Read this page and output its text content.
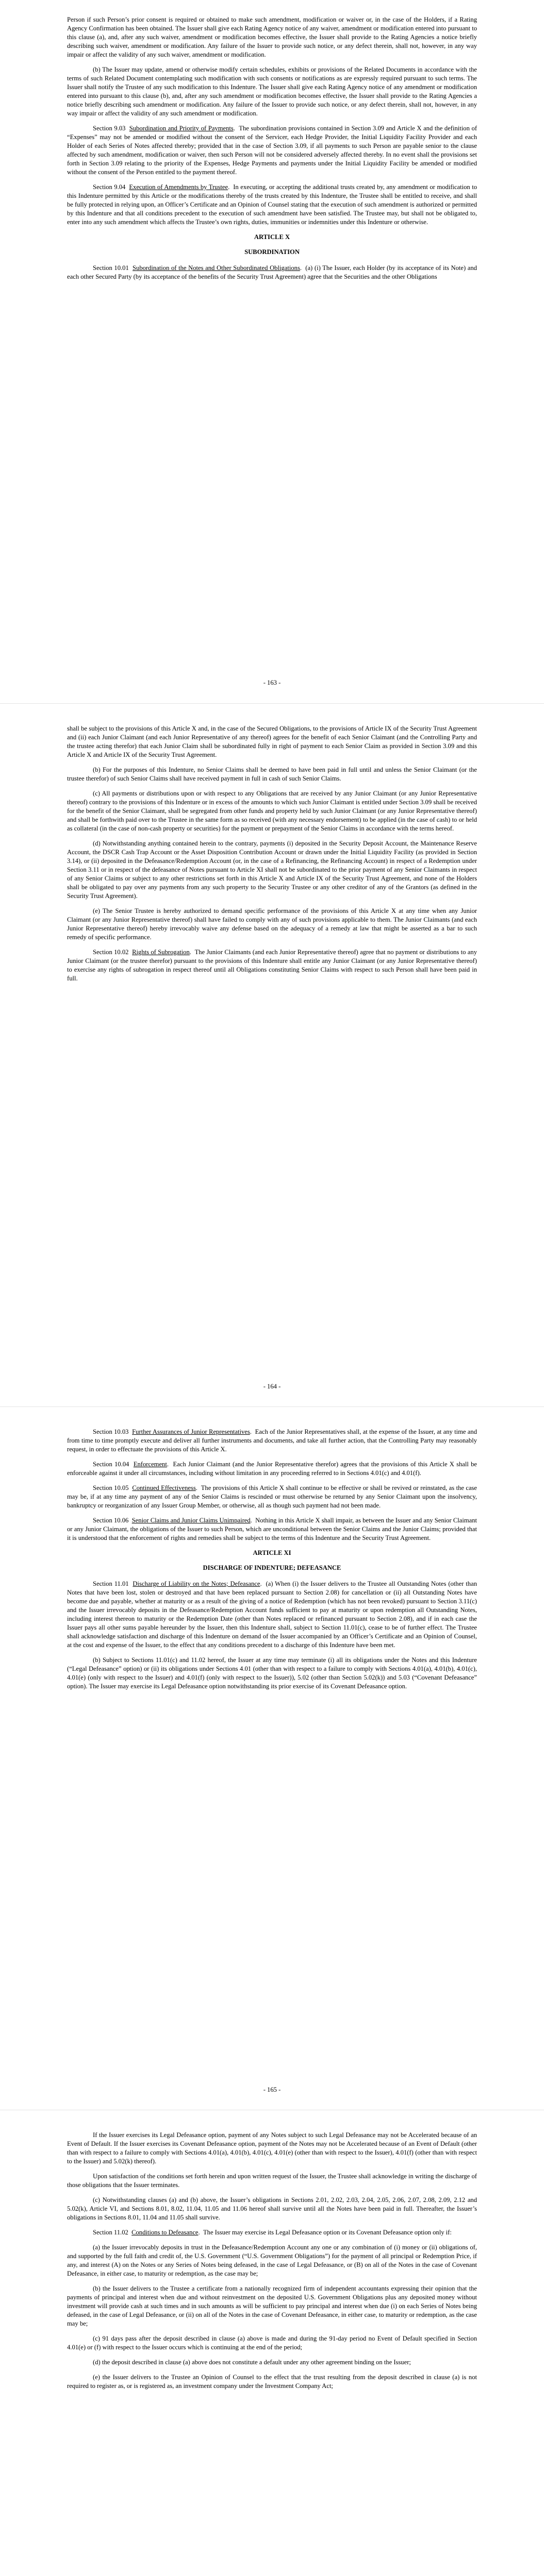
Person if such Person’s prior consent is required or obtained to make such amendment, modification or waiver or, in the case of the Holders, if a Rating Agency Confirmation has been obtained. The Issuer shall give each Rating Agency notice of any waiver, amendment or modification entered into pursuant to this clause (a), and, after any such waiver, amendment or modification becomes effective, the Issuer shall provide to the Rating Agencies a notice briefly describing such waiver, amendment or modification. Any failure of the Issuer to provide such notice, or any defect therein, shall not, however, in any way impair or affect the validity of any such waiver, amendment or modification.

(b) The Issuer may update, amend or otherwise modify certain schedules, exhibits or provisions of the Related Documents in accordance with the terms of such Related Document contemplating such modification with such consents or notifications as are expressly required pursuant to such terms. The Issuer shall notify the Trustee of any such modification to this Indenture. The Issuer shall give each Rating Agency notice of any amendment or modification entered into pursuant to this clause (b), and, after any such amendment or modification becomes effective, the Issuer shall provide to the Rating Agencies a notice briefly describing such amendment or modification. Any failure of the Issuer to provide such notice, or any defect therein, shall not, however, in any way impair or affect the validity of any such amendment or modification.

Section 9.03 Subordination and Priority of Payments.  The subordination provisions contained in Section 3.09 and Article X and the definition of “Expenses” may not be amended or modified without the consent of the Servicer, each Hedge Provider, the Initial Liquidity Facility Provider and each Holder of each Series of Notes affected thereby; provided that in the case of Section 3.09, if all payments to such Person are payable senior to the clause affected by such amendment, modification or waiver, then such Person will not be considered adversely affected thereby. In no event shall the provisions set forth in Section 3.09 relating to the priority of the Expenses, Hedge Payments and payments under the Initial Liquidity Facility be amended or modified without the consent of the Person entitled to the payment thereof.

Section 9.04 Execution of Amendments by Trustee.  In executing, or accepting the additional trusts created by, any amendment or modification to this Indenture permitted by this Article or the modifications thereby of the trusts created by this Indenture, the Trustee shall be entitled to receive, and shall be fully protected in relying upon, an Officer’s Certificate and an Opinion of Counsel stating that the execution of such amendment is authorized or permitted by this Indenture and that all conditions precedent to the execution of such amendment have been satisfied. The Trustee may, but shall not be obligated to, enter into any such amendment which affects the Trustee’s own rights, duties, immunities or indemnities under this Indenture or otherwise.

ARTICLE X

SUBORDINATION

Section 10.01 Subordination of the Notes and Other Subordinated Obligations.  (a) (i) The Issuer, each Holder (by its acceptance of its Note) and each other Secured Party (by its acceptance of the benefits of the Security Trust Agreement) agree that the Securities and the other Obligations

- 163 -

shall be subject to the provisions of this Article X and, in the case of the Secured Obligations, to the provisions of Article IX of the Security Trust Agreement and (ii) each Junior Claimant (and each Junior Representative of any thereof) agrees for the benefit of each Senior Claimant (and the Controlling Party and the trustee acting therefor) that each Junior Claim shall be subordinated fully in right of payment to each Senior Claim as provided in Section 3.09 and this Article X and Article IX of the Security Trust Agreement.

(b) For the purposes of this Indenture, no Senior Claims shall be deemed to have been paid in full until and unless the Senior Claimant (or the trustee therefor) of such Senior Claims shall have received payment in full in cash of such Senior Claims.

(c) All payments or distributions upon or with respect to any Obligations that are received by any Junior Claimant (or any Junior Representative thereof) contrary to the provisions of this Indenture or in excess of the amounts to which such Junior Claimant is entitled under Section 3.09 shall be received for the benefit of the Senior Claimant, shall be segregated from other funds and property held by such Junior Claimant (or any Junior Representative thereof) and shall be forthwith paid over to the Trustee in the same form as so received (with any necessary endorsement) to be applied (in the case of cash) to or held as collateral (in the case of non-cash property or securities) for the payment or prepayment of the Senior Claims in accordance with the terms hereof.

(d) Notwithstanding anything contained herein to the contrary, payments (i) deposited in the Security Deposit Account, the Maintenance Reserve Account, the DSCR Cash Trap Account or the Asset Disposition Contribution Account or drawn under the Initial Liquidity Facility (as provided in Section 3.14), or (ii) deposited in the Defeasance/Redemption Account (or, in the case of a Refinancing, the Refinancing Account) in respect of a Redemption under Section 3.11 or in respect of the defeasance of Notes pursuant to Article XI shall not be subordinated to the prior payment of any Senior Claimants in respect of any Senior Claims or subject to any other restrictions set forth in this Article X and Article IX of the Security Trust Agreement, and none of the Holders shall be obligated to pay over any payments from any such property to the Security Trustee or any other creditor of any of the Grantors (as defined in the Security Trust Agreement).

(e) The Senior Trustee is hereby authorized to demand specific performance of the provisions of this Article X at any time when any Junior Claimant (or any Junior Representative thereof) shall have failed to comply with any of such provisions applicable to them. The Junior Claimants (and each Junior Representative thereof) hereby irrevocably waive any defense based on the adequacy of a remedy at law that might be asserted as a bar to such remedy of specific performance.

Section 10.02 Rights of Subrogation.  The Junior Claimants (and each Junior Representative thereof) agree that no payment or distributions to any Junior Claimant (or the trustee therefor) pursuant to the provisions of this Indenture shall entitle any Junior Claimant (or any Junior Representative thereof) to exercise any rights of subrogation in respect thereof until all Obligations constituting Senior Claims with respect to such Person shall have been paid in full.

- 164 -

Section 10.03 Further Assurances of Junior Representatives.  Each of the Junior Representatives shall, at the expense of the Issuer, at any time and from time to time promptly execute and deliver all further instruments and documents, and take all further action, that the Controlling Party may reasonably request, in order to effectuate the provisions of this Article X.

Section 10.04 Enforcement.  Each Junior Claimant (and the Junior Representative therefor) agrees that the provisions of this Article X shall be enforceable against it under all circumstances, including without limitation in any proceeding referred to in Sections 4.01(c) and 4.01(f).

Section 10.05 Continued Effectiveness.  The provisions of this Article X shall continue to be effective or shall be revived or reinstated, as the case may be, if at any time any payment of any of the Senior Claims is rescinded or must otherwise be returned by any Senior Claimant upon the insolvency, bankruptcy or reorganization of any Issuer Group Member, or otherwise, all as though such payment had not been made.

Section 10.06 Senior Claims and Junior Claims Unimpaired.  Nothing in this Article X shall impair, as between the Issuer and any Senior Claimant or any Junior Claimant, the obligations of the Issuer to such Person, which are unconditional between the Senior Claims and the Junior Claims; provided that it is understood that the enforcement of rights and remedies shall be subject to the terms of this Indenture and the Security Trust Agreement.

ARTICLE XI

DISCHARGE OF INDENTURE; DEFEASANCE

Section 11.01 Discharge of Liability on the Notes; Defeasance.  (a) When (i) the Issuer delivers to the Trustee all Outstanding Notes (other than Notes that have been lost, stolen or destroyed and that have been replaced pursuant to Section 2.08) for cancellation or (ii) all Outstanding Notes have become due and payable, whether at maturity or as a result of the giving of a notice of Redemption (which has not been revoked) pursuant to Section 3.11(c) and the Issuer irrevocably deposits in the Defeasance/Redemption Account funds sufficient to pay at maturity or upon redemption all Outstanding Notes, including interest thereon to maturity or the Redemption Date (other than Notes replaced or refinanced pursuant to Section 2.08), and if in each case the Issuer pays all other sums payable hereunder by the Issuer, then this Indenture shall, subject to Section 11.01(c), cease to be of further effect. The Trustee shall acknowledge satisfaction and discharge of this Indenture on demand of the Issuer accompanied by an Officer’s Certificate and an Opinion of Counsel, at the cost and expense of the Issuer, to the effect that any conditions precedent to a discharge of this Indenture have been met.

(b) Subject to Sections 11.01(c) and 11.02 hereof, the Issuer at any time may terminate (i) all its obligations under the Notes and this Indenture (“Legal Defeasance” option) or (ii) its obligations under Sections 4.01 (other than with respect to a failure to comply with Sections 4.01(a), 4.01(b), 4.01(c), 4.01(e) (only with respect to the Issuer) and 4.01(f) (only with respect to the Issuer)), 5.02 (other than Section 5.02(k)) and 5.03 (“Covenant Defeasance” option). The Issuer may exercise its Legal Defeasance option notwithstanding its prior exercise of its Covenant Defeasance option.

- 165 -

If the Issuer exercises its Legal Defeasance option, payment of any Notes subject to such Legal Defeasance may not be Accelerated because of an Event of Default. If the Issuer exercises its Covenant Defeasance option, payment of the Notes may not be Accelerated because of an Event of Default (other than with respect to a failure to comply with Sections 4.01(a), 4.01(b), 4.01(c), 4.01(e) (other than with respect to the Issuer), 4.01(f) (other than with respect to the Issuer) and 5.02(k) thereof).

Upon satisfaction of the conditions set forth herein and upon written request of the Issuer, the Trustee shall acknowledge in writing the discharge of those obligations that the Issuer terminates.

(c) Notwithstanding clauses (a) and (b) above, the Issuer’s obligations in Sections 2.01, 2.02, 2.03, 2.04, 2.05, 2.06, 2.07, 2.08, 2.09, 2.12 and 5.02(k), Article VI, and Sections 8.01, 8.02, 11.04, 11.05 and 11.06 hereof shall survive until all the Notes have been paid in full. Thereafter, the Issuer’s obligations in Sections 8.01, 11.04 and 11.05 shall survive.

Section 11.02 Conditions to Defeasance.  The Issuer may exercise its Legal Defeasance option or its Covenant Defeasance option only if:

(a) the Issuer irrevocably deposits in trust in the Defeasance/Redemption Account any one or any combination of (i) money or (ii) obligations of, and supported by the full faith and credit of, the U.S. Government (“U.S. Government Obligations”) for the payment of all principal or Redemption Price, if any, and interest (A) on the Notes or any Series of Notes being defeased, in the case of Legal Defeasance, or (B) on all of the Notes in the case of Covenant Defeasance, in either case, to maturity or redemption, as the case may be;

(b) the Issuer delivers to the Trustee a certificate from a nationally recognized firm of independent accountants expressing their opinion that the payments of principal and interest when due and without reinvestment on the deposited U.S. Government Obligations plus any deposited money without investment will provide cash at such times and in such amounts as will be sufficient to pay principal and interest when due (i) on each Series of Notes being defeased, in the case of Legal Defeasance, or (ii) on all of the Notes in the case of Covenant Defeasance, in either case, to maturity or redemption, as the case may be;

(c) 91 days pass after the deposit described in clause (a) above is made and during the 91-day period no Event of Default specified in Section 4.01(e) or (f) with respect to the Issuer occurs which is continuing at the end of the period;

(d) the deposit described in clause (a) above does not constitute a default under any other agreement binding on the Issuer;

(e) the Issuer delivers to the Trustee an Opinion of Counsel to the effect that the trust resulting from the deposit described in clause (a) is not required to register as, or is registered as, an investment company under the Investment Company Act;
